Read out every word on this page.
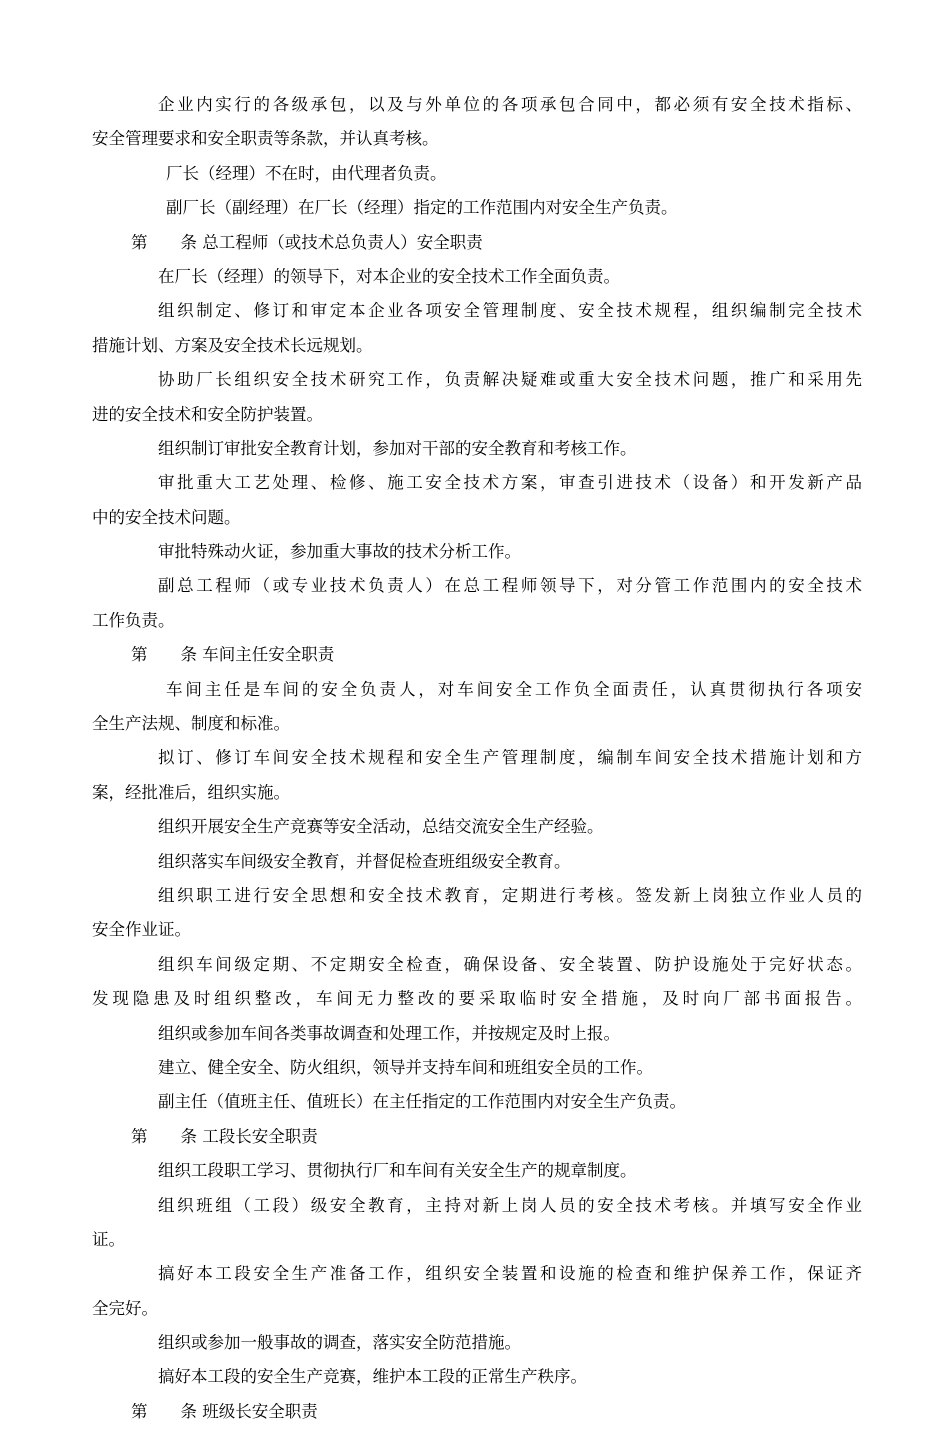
企业内实行的各级承包，以及与外单位的各项承包合同中，都必须有安全技术指标、
安全管理要求和安全职责等条款，并认真考核。
厂长（经理）不在时，由代理者负责。
副厂长（副经理）在厂长（经理）指定的工作范围内对安全生产负责。
第　　条 总工程师（或技术总负责人）安全职责
在厂长（经理）的领导下，对本企业的安全技术工作全面负责。
组织制定、修订和审定本企业各项安全管理制度、安全技术规程，组织编制完全技术
措施计划、方案及安全技术长远规划。
协助厂长组织安全技术研究工作，负责解决疑难或重大安全技术问题，推广和采用先
进的安全技术和安全防护装置。
组织制订审批安全教育计划，参加对干部的安全教育和考核工作。
审批重大工艺处理、检修、施工安全技术方案，审查引进技术（设备）和开发新产品
中的安全技术问题。
审批特殊动火证，参加重大事故的技术分析工作。
副总工程师（或专业技术负责人）在总工程师领导下，对分管工作范围内的安全技术
工作负责。
第　　条 车间主任安全职责
车间主任是车间的安全负责人，对车间安全工作负全面责任，认真贯彻执行各项安
全生产法规、制度和标准。
拟订、修订车间安全技术规程和安全生产管理制度，编制车间安全技术措施计划和方
案，经批准后，组织实施。
组织开展安全生产竞赛等安全活动，总结交流安全生产经验。
组织落实车间级安全教育，并督促检查班组级安全教育。
组织职工进行安全思想和安全技术教育，定期进行考核。签发新上岗独立作业人员的
安全作业证。
组织车间级定期、不定期安全检查，确保设备、安全装置、防护设施处于完好状态。
发现隐患及时组织整改，车间无力整改的要采取临时安全措施，及时向厂部书面报告。
组织或参加车间各类事故调查和处理工作，并按规定及时上报。
建立、健全安全、防火组织，领导并支持车间和班组安全员的工作。
副主任（值班主任、值班长）在主任指定的工作范围内对安全生产负责。
第　　条 工段长安全职责
组织工段职工学习、贯彻执行厂和车间有关安全生产的规章制度。
组织班组（工段）级安全教育，主持对新上岗人员的安全技术考核。并填写安全作业
证。
搞好本工段安全生产准备工作，组织安全装置和设施的检查和维护保养工作，保证齐
全完好。
组织或参加一般事故的调查，落实安全防范措施。
搞好本工段的安全生产竞赛，维护本工段的正常生产秩序。
第　　条 班级长安全职责
